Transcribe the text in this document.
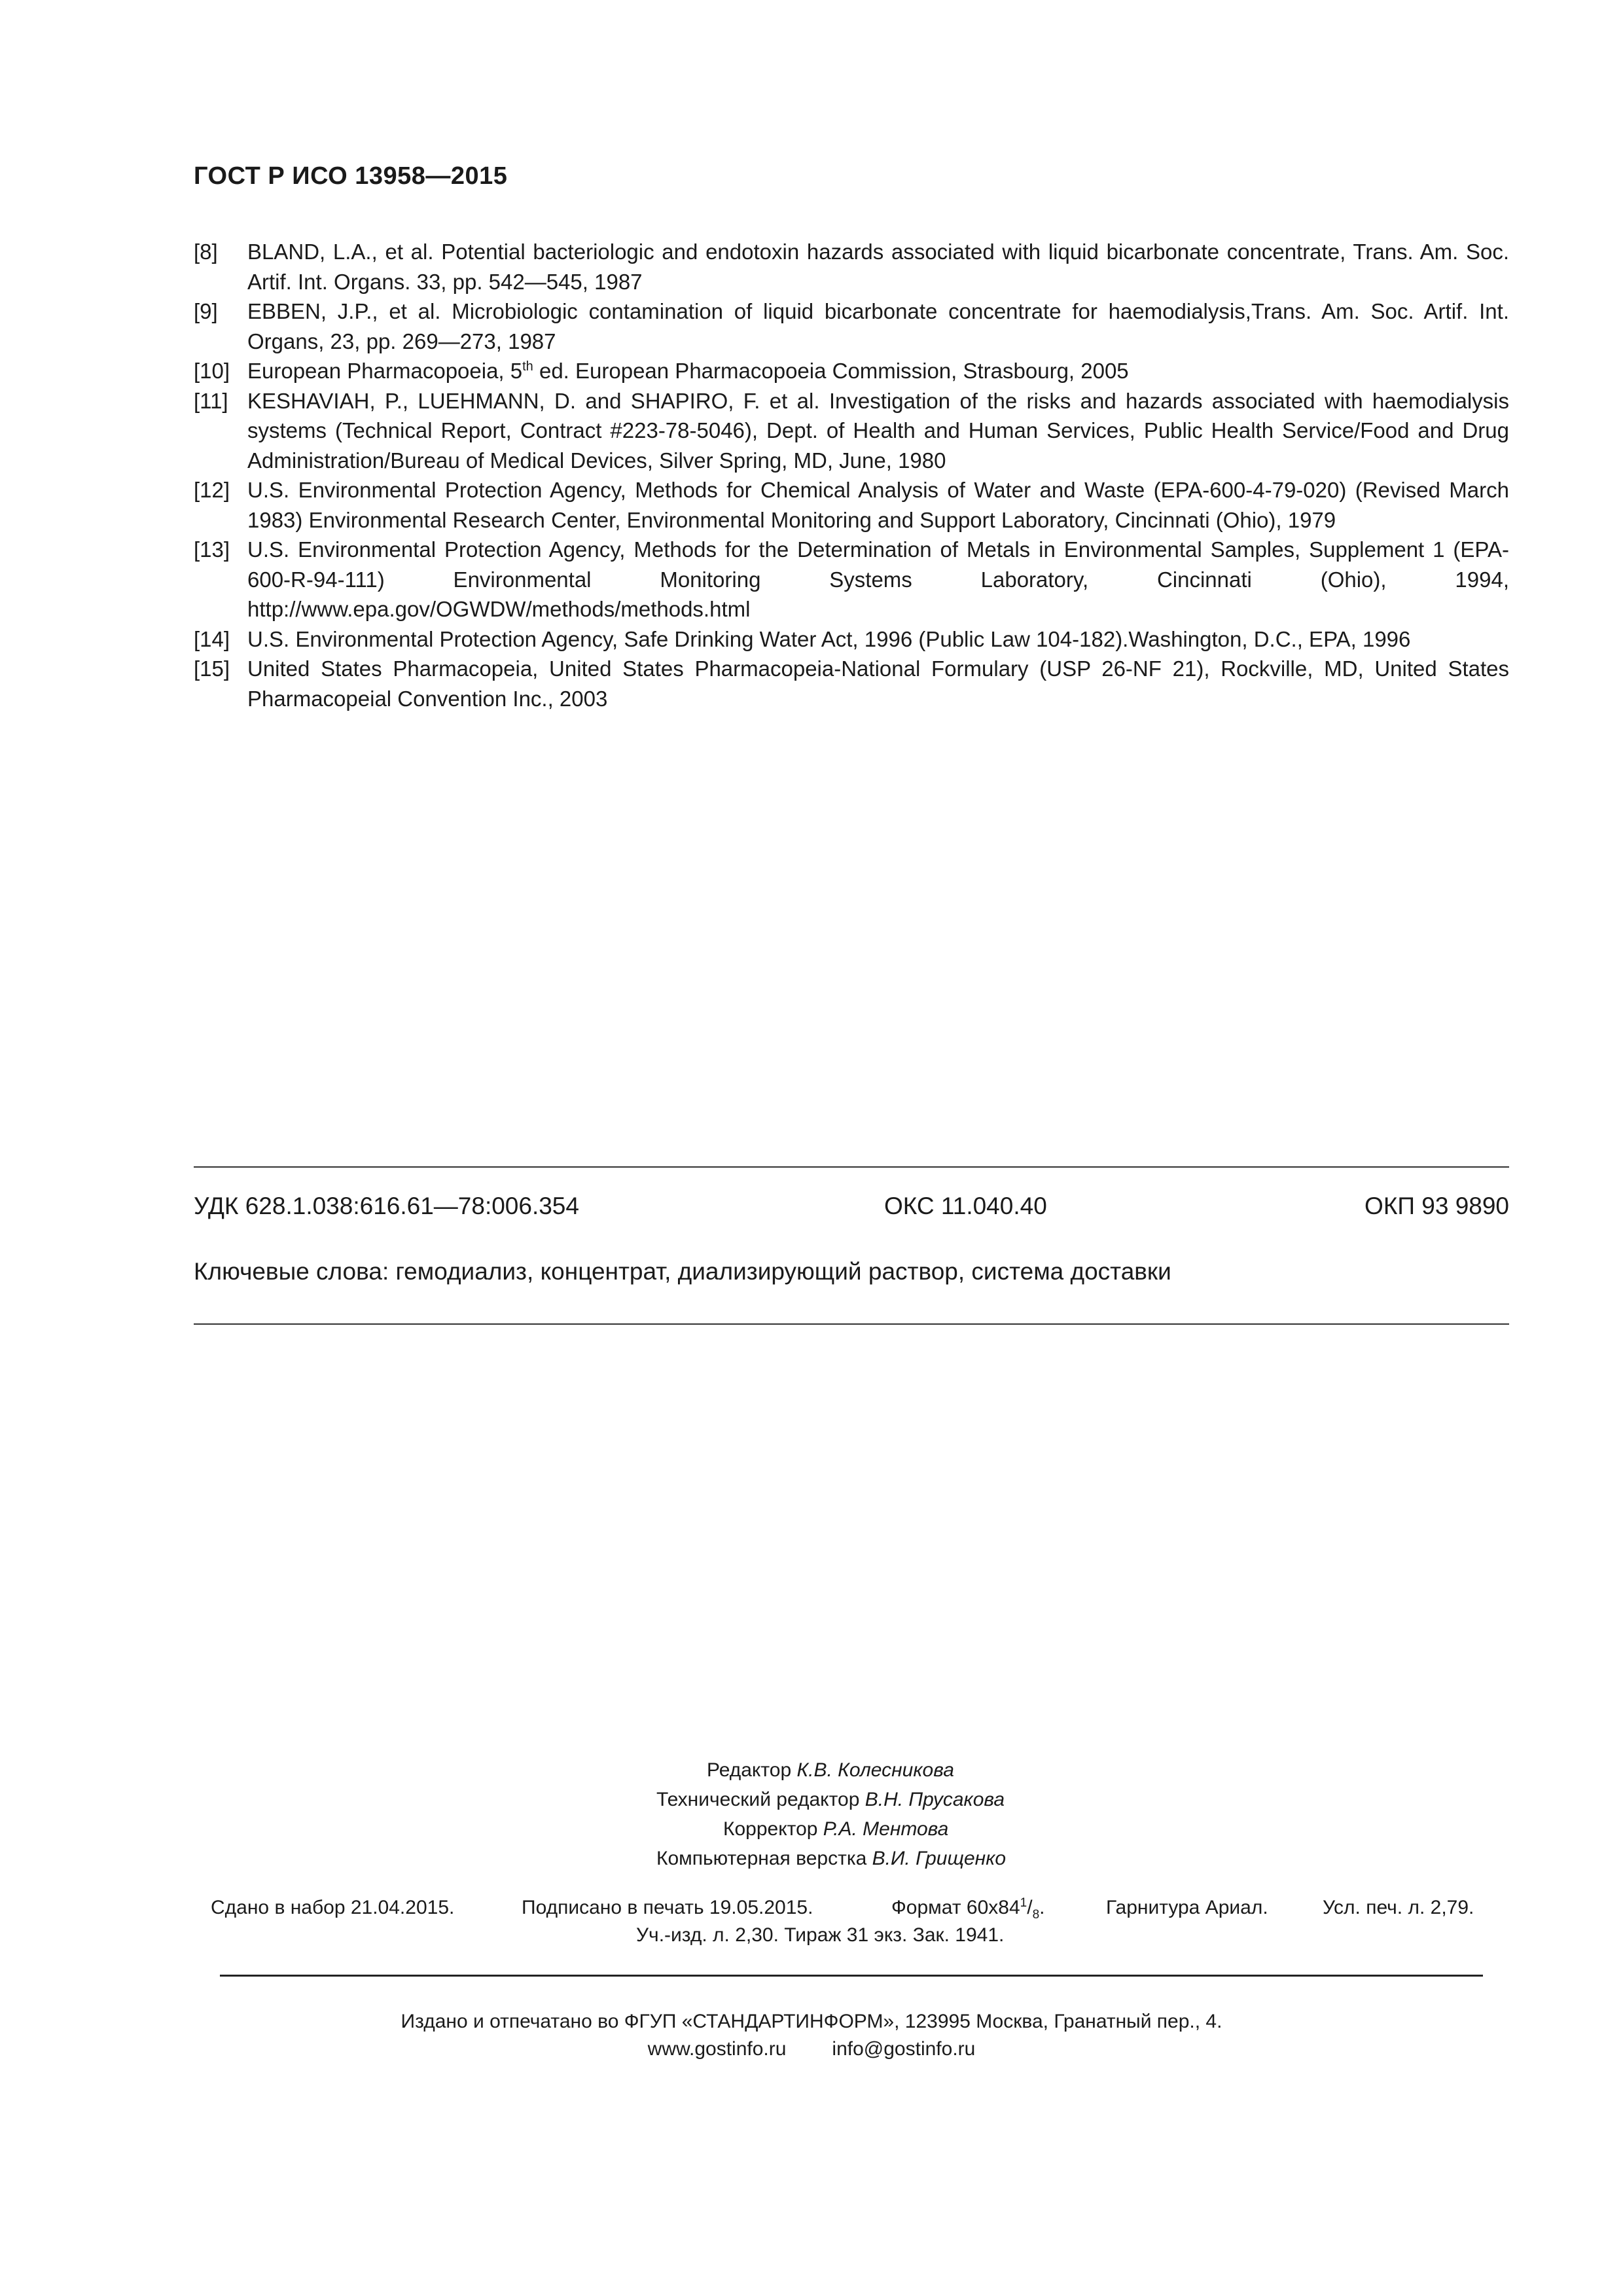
ГОСТ Р ИСО 13958—2015
[8]	BLAND, L.A., et al. Potential bacteriologic and endotoxin hazards associated with liquid bicarbonate concentrate, Trans. Am. Soc. Artif. Int. Organs. 33, pp. 542—545, 1987
[9]	EBBEN, J.P., et al. Microbiologic contamination of liquid bicarbonate concentrate for haemodialysis,Trans. Am. Soc. Artif. Int. Organs, 23, pp. 269—273, 1987
[10] European Pharmacopoeia, 5th ed. European Pharmacopoeia Commission, Strasbourg, 2005
[11] KESHAVIAH, P., LUEHMANN, D. and SHAPIRO, F. et al. Investigation of the risks and hazards associated with haemodialysis systems (Technical Report, Contract #223-78-5046), Dept. of Health and Human Services, Public Health Service/Food and Drug Administration/Bureau of Medical Devices, Silver Spring, MD, June, 1980
[12] U.S. Environmental Protection Agency, Methods for Chemical Analysis of Water and Waste (EPA-600-4-79-020) (Revised March 1983) Environmental Research Center, Environmental Monitoring and Support Laboratory, Cincinnati (Ohio), 1979
[13] U.S. Environmental Protection Agency, Methods for the Determination of Metals in Environmental Samples, Supplement 1 (EPA-600-R-94-111) Environmental Monitoring Systems Laboratory, Cincinnati (Ohio), 1994, http://www.epa.gov/OGWDW/methods/methods.html
[14] U.S. Environmental Protection Agency, Safe Drinking Water Act, 1996 (Public Law 104-182).Washington, D.C., EPA, 1996
[15] United States Pharmacopeia, United States Pharmacopeia-National Formulary (USP 26-NF 21), Rockville, MD, United States Pharmacopeial Convention Inc., 2003
УДК 628.1.038:616.61—78:006.354	ОКС 11.040.40	ОКП 93 9890
Ключевые слова: гемодиализ, концентрат, диализирующий раствор, система доставки
Редактор К.В. Колесникова
Технический редактор В.Н. Прусакова
Корректор Р.А. Ментова
Компьютерная верстка В.И. Грищенко
Сдано в набор 21.04.2015.	Подписано в печать 19.05.2015.	Формат $60х84^1/_8$.	Гарнитура Ариал.	Усл. печ. л. 2,79.
Уч.-изд. л. 2,30. Тираж 31 экз. Зак. 1941.
Издано и отпечатано во ФГУП «СТАНДАРТИНФОРМ», 123995 Москва, Гранатный пер., 4.
www.gostinfo.ru info@gostinfo.ru
